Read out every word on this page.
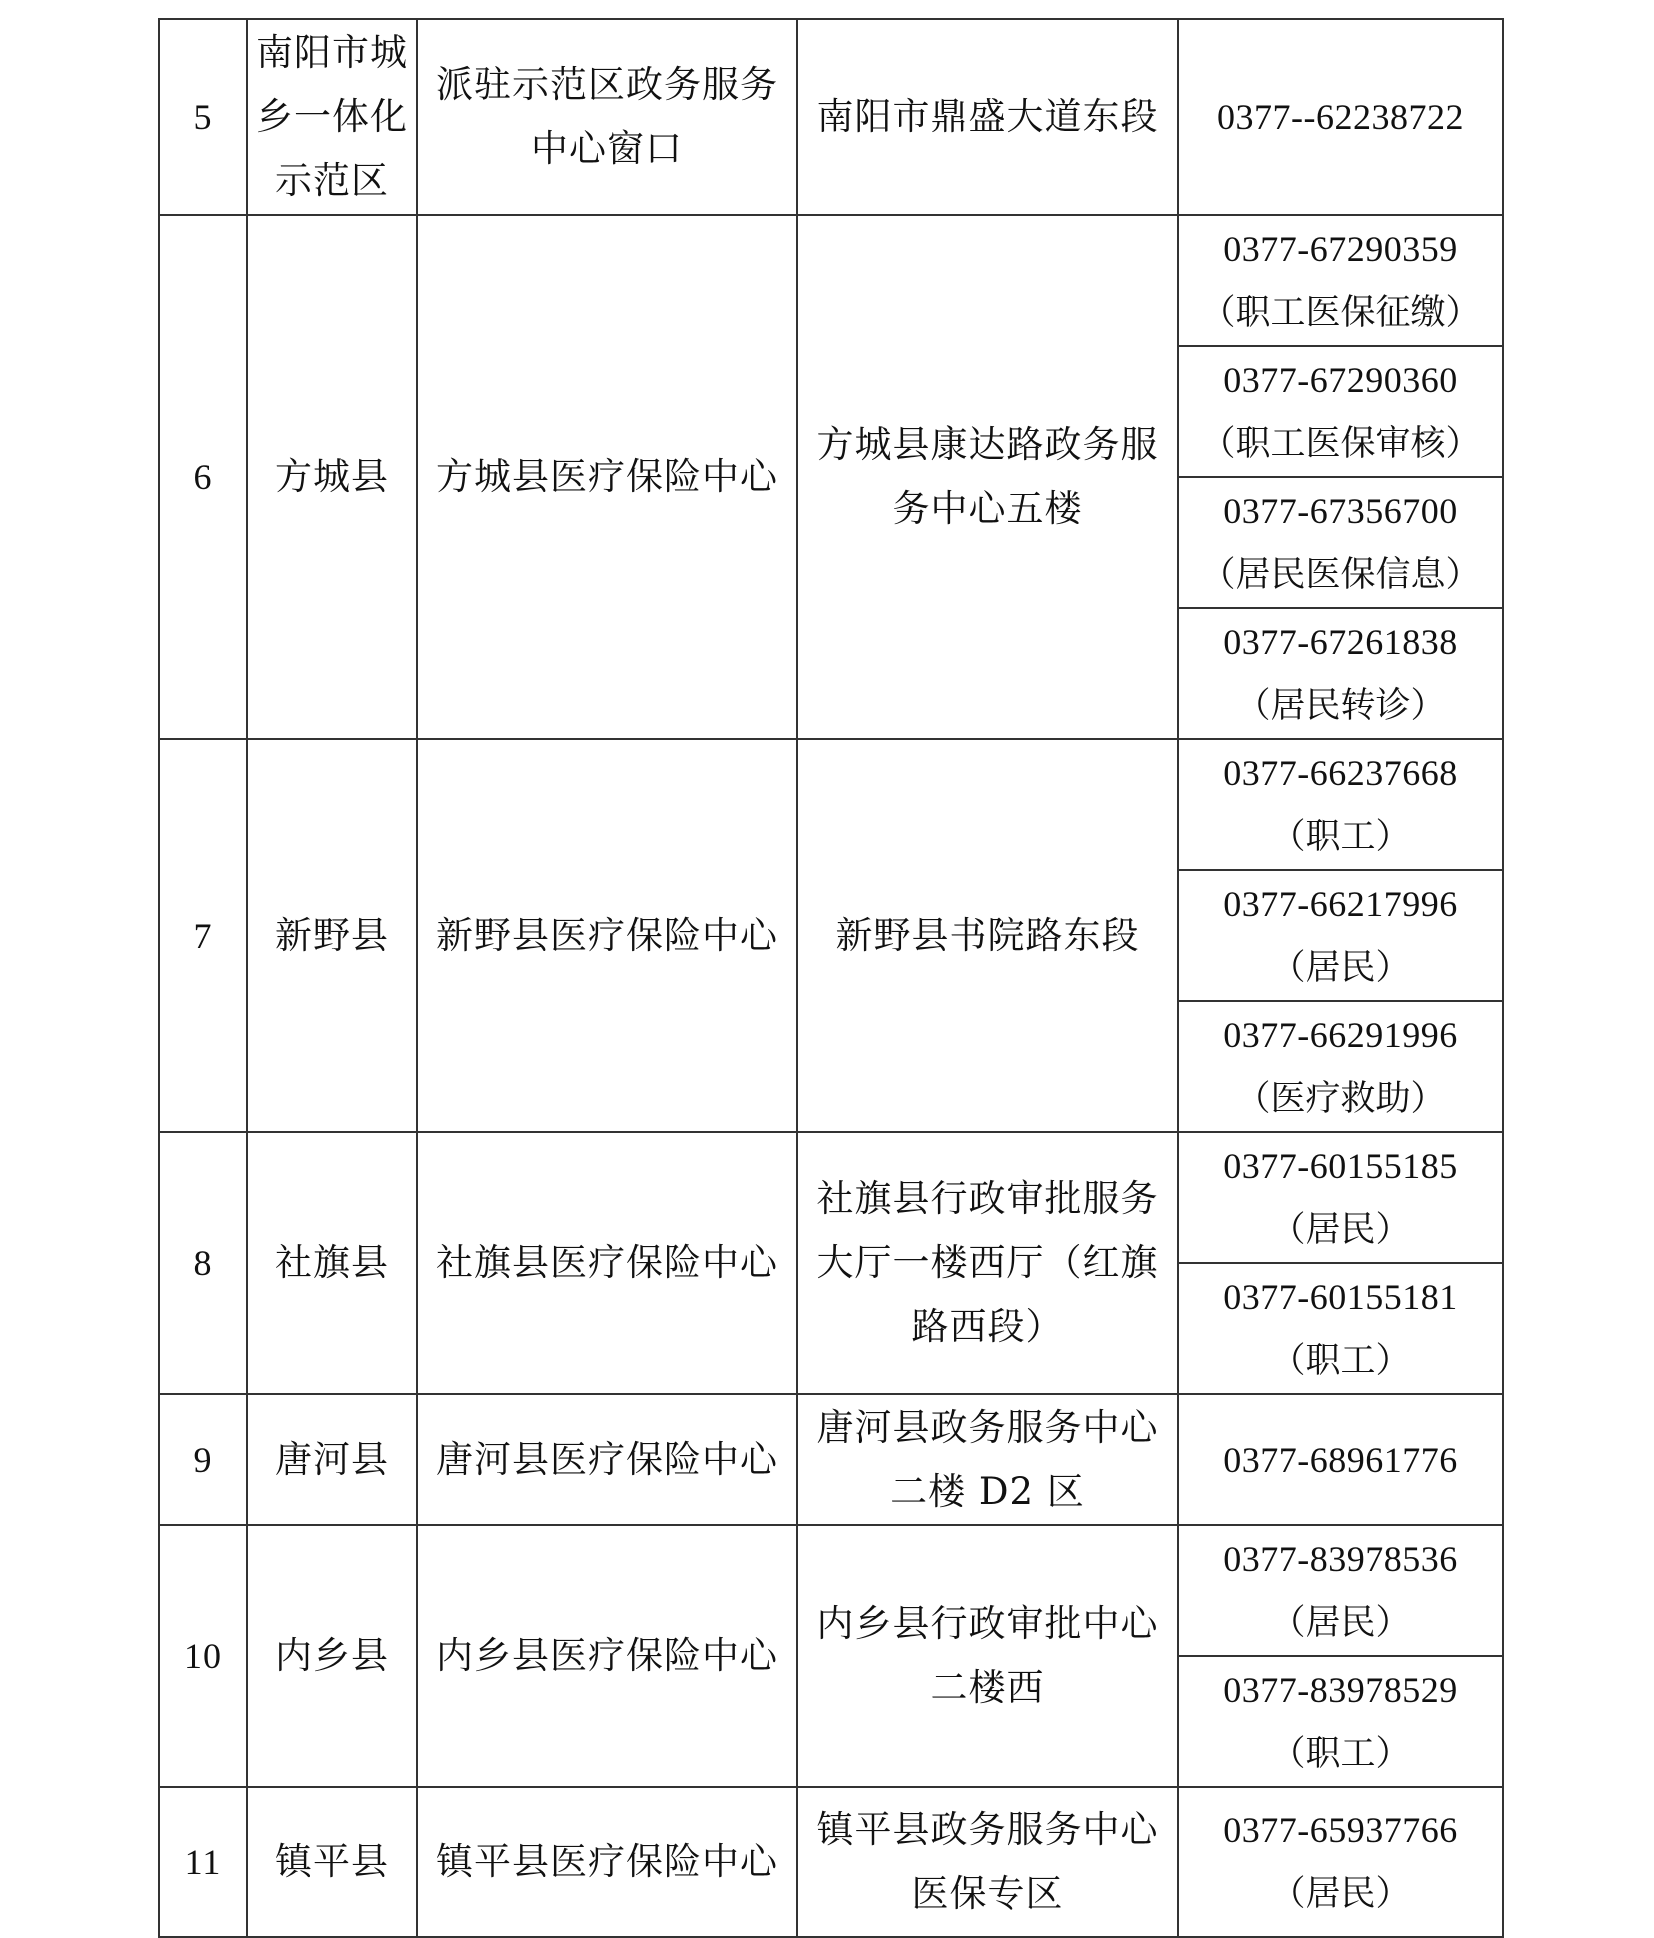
5	南阳市城乡一体化示范区	派驻示范区政务服务中心窗口	南阳市鼎盛大道东段	0377--62238722

6	方城县	方城县医疗保险中心	方城县康达路政务服务中心五楼	0377-67290359
（职工医保征缴）

				0377-67290360
（职工医保审核）

				0377-67356700
（居民医保信息）

				0377-67261838
（居民转诊）

7	新野县	新野县医疗保险中心	新野县书院路东段	0377-66237668
（职工）

				0377-66217996
（居民）

				0377-66291996
（医疗救助）

8	社旗县	社旗县医疗保险中心	社旗县行政审批服务大厅一楼西厅（红旗路西段）	0377-60155185
（居民）

				0377-60155181
（职工）

9	唐河县	唐河县医疗保险中心	唐河县政务服务中心二楼 D2 区	0377-68961776

10	内乡县	内乡县医疗保险中心	内乡县行政审批中心二楼西	0377-83978536
（居民）

				0377-83978529
（职工）

11	镇平县	镇平县医疗保险中心	镇平县政务服务中心医保专区	0377-65937766
（居民）
